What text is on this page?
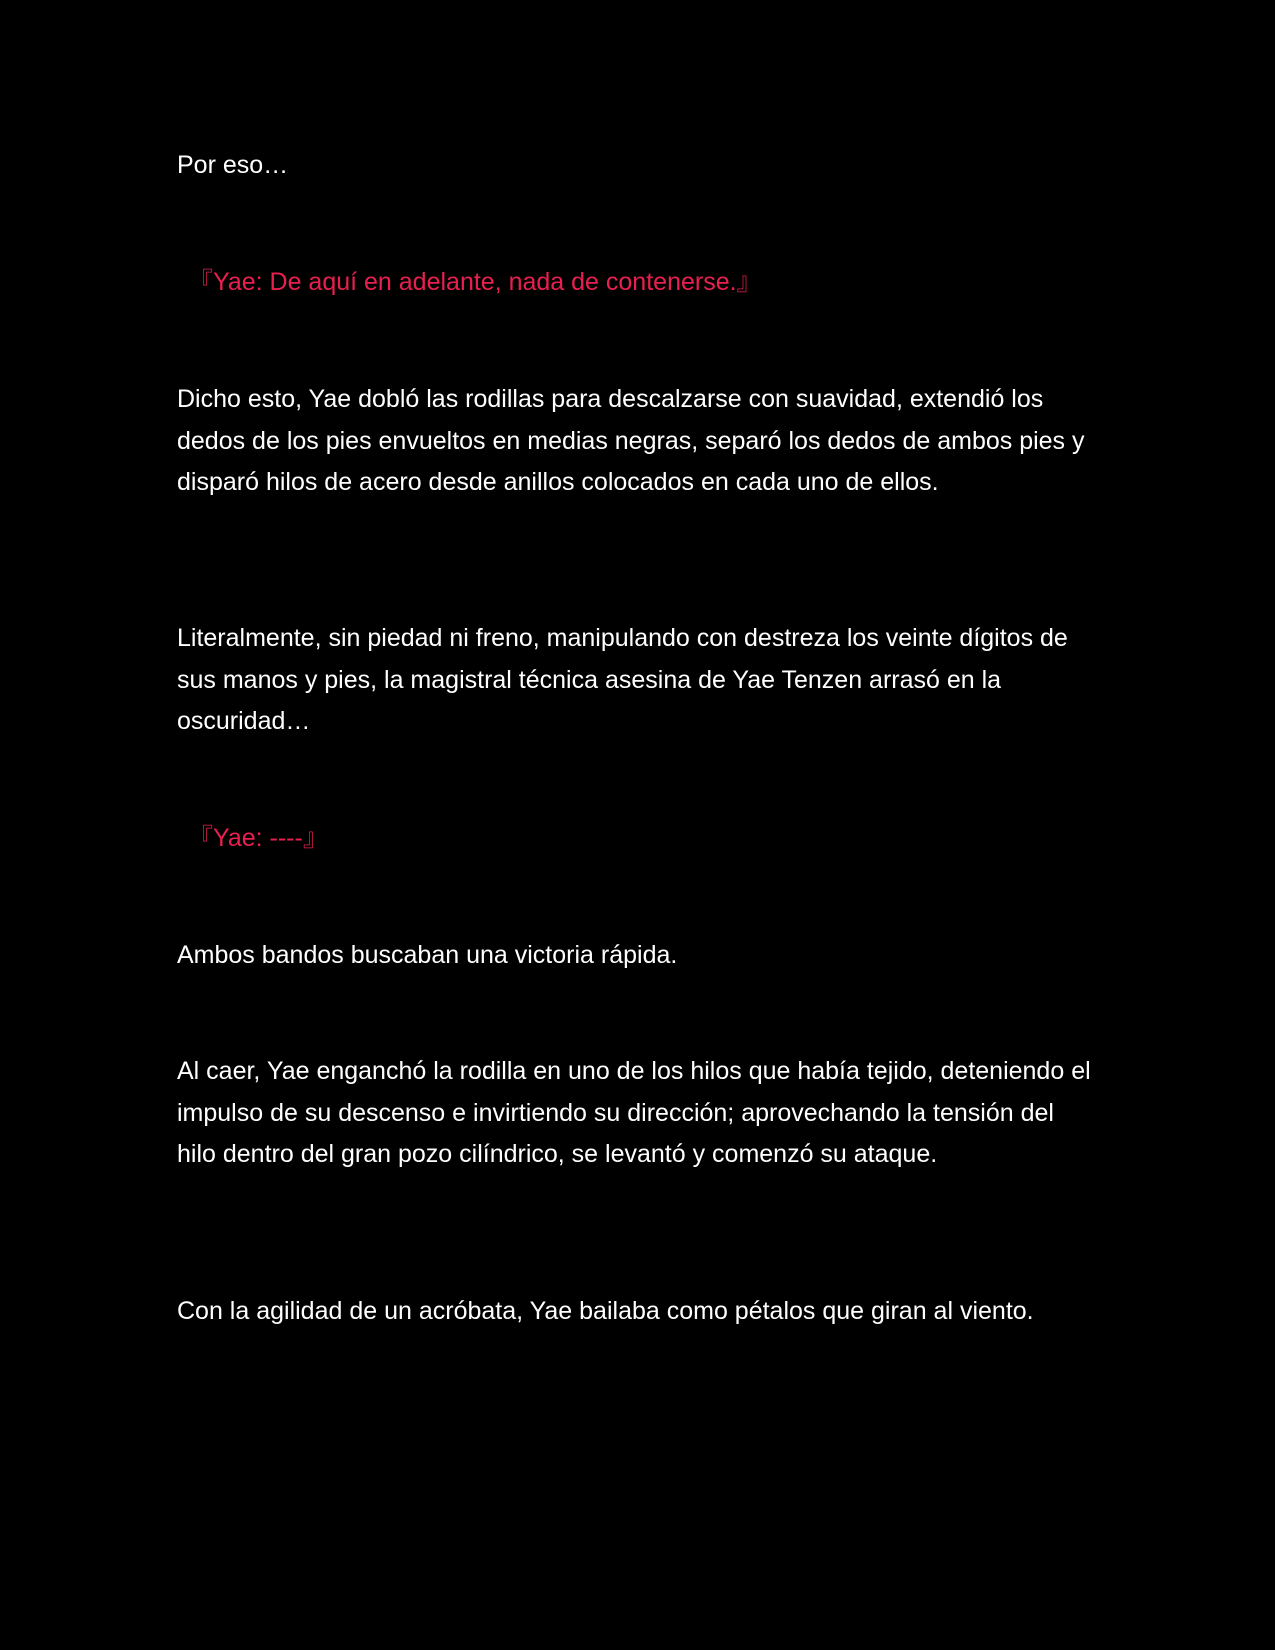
Por eso…

『Yae: De aquí en adelante, nada de contenerse.』

Dicho esto, Yae dobló las rodillas para descalzarse con suavidad, extendió los dedos de los pies envueltos en medias negras, separó los dedos de ambos pies y disparó hilos de acero desde anillos colocados en cada uno de ellos.

Literalmente, sin piedad ni freno, manipulando con destreza los veinte dígitos de sus manos y pies, la magistral técnica asesina de Yae Tenzen arrasó en la oscuridad…

『Yae: ----』

Ambos bandos buscaban una victoria rápida.

Al caer, Yae enganchó la rodilla en uno de los hilos que había tejido, deteniendo el impulso de su descenso e invirtiendo su dirección; aprovechando la tensión del hilo dentro del gran pozo cilíndrico, se levantó y comenzó su ataque.

Con la agilidad de un acróbata, Yae bailaba como pétalos que giran al viento.
